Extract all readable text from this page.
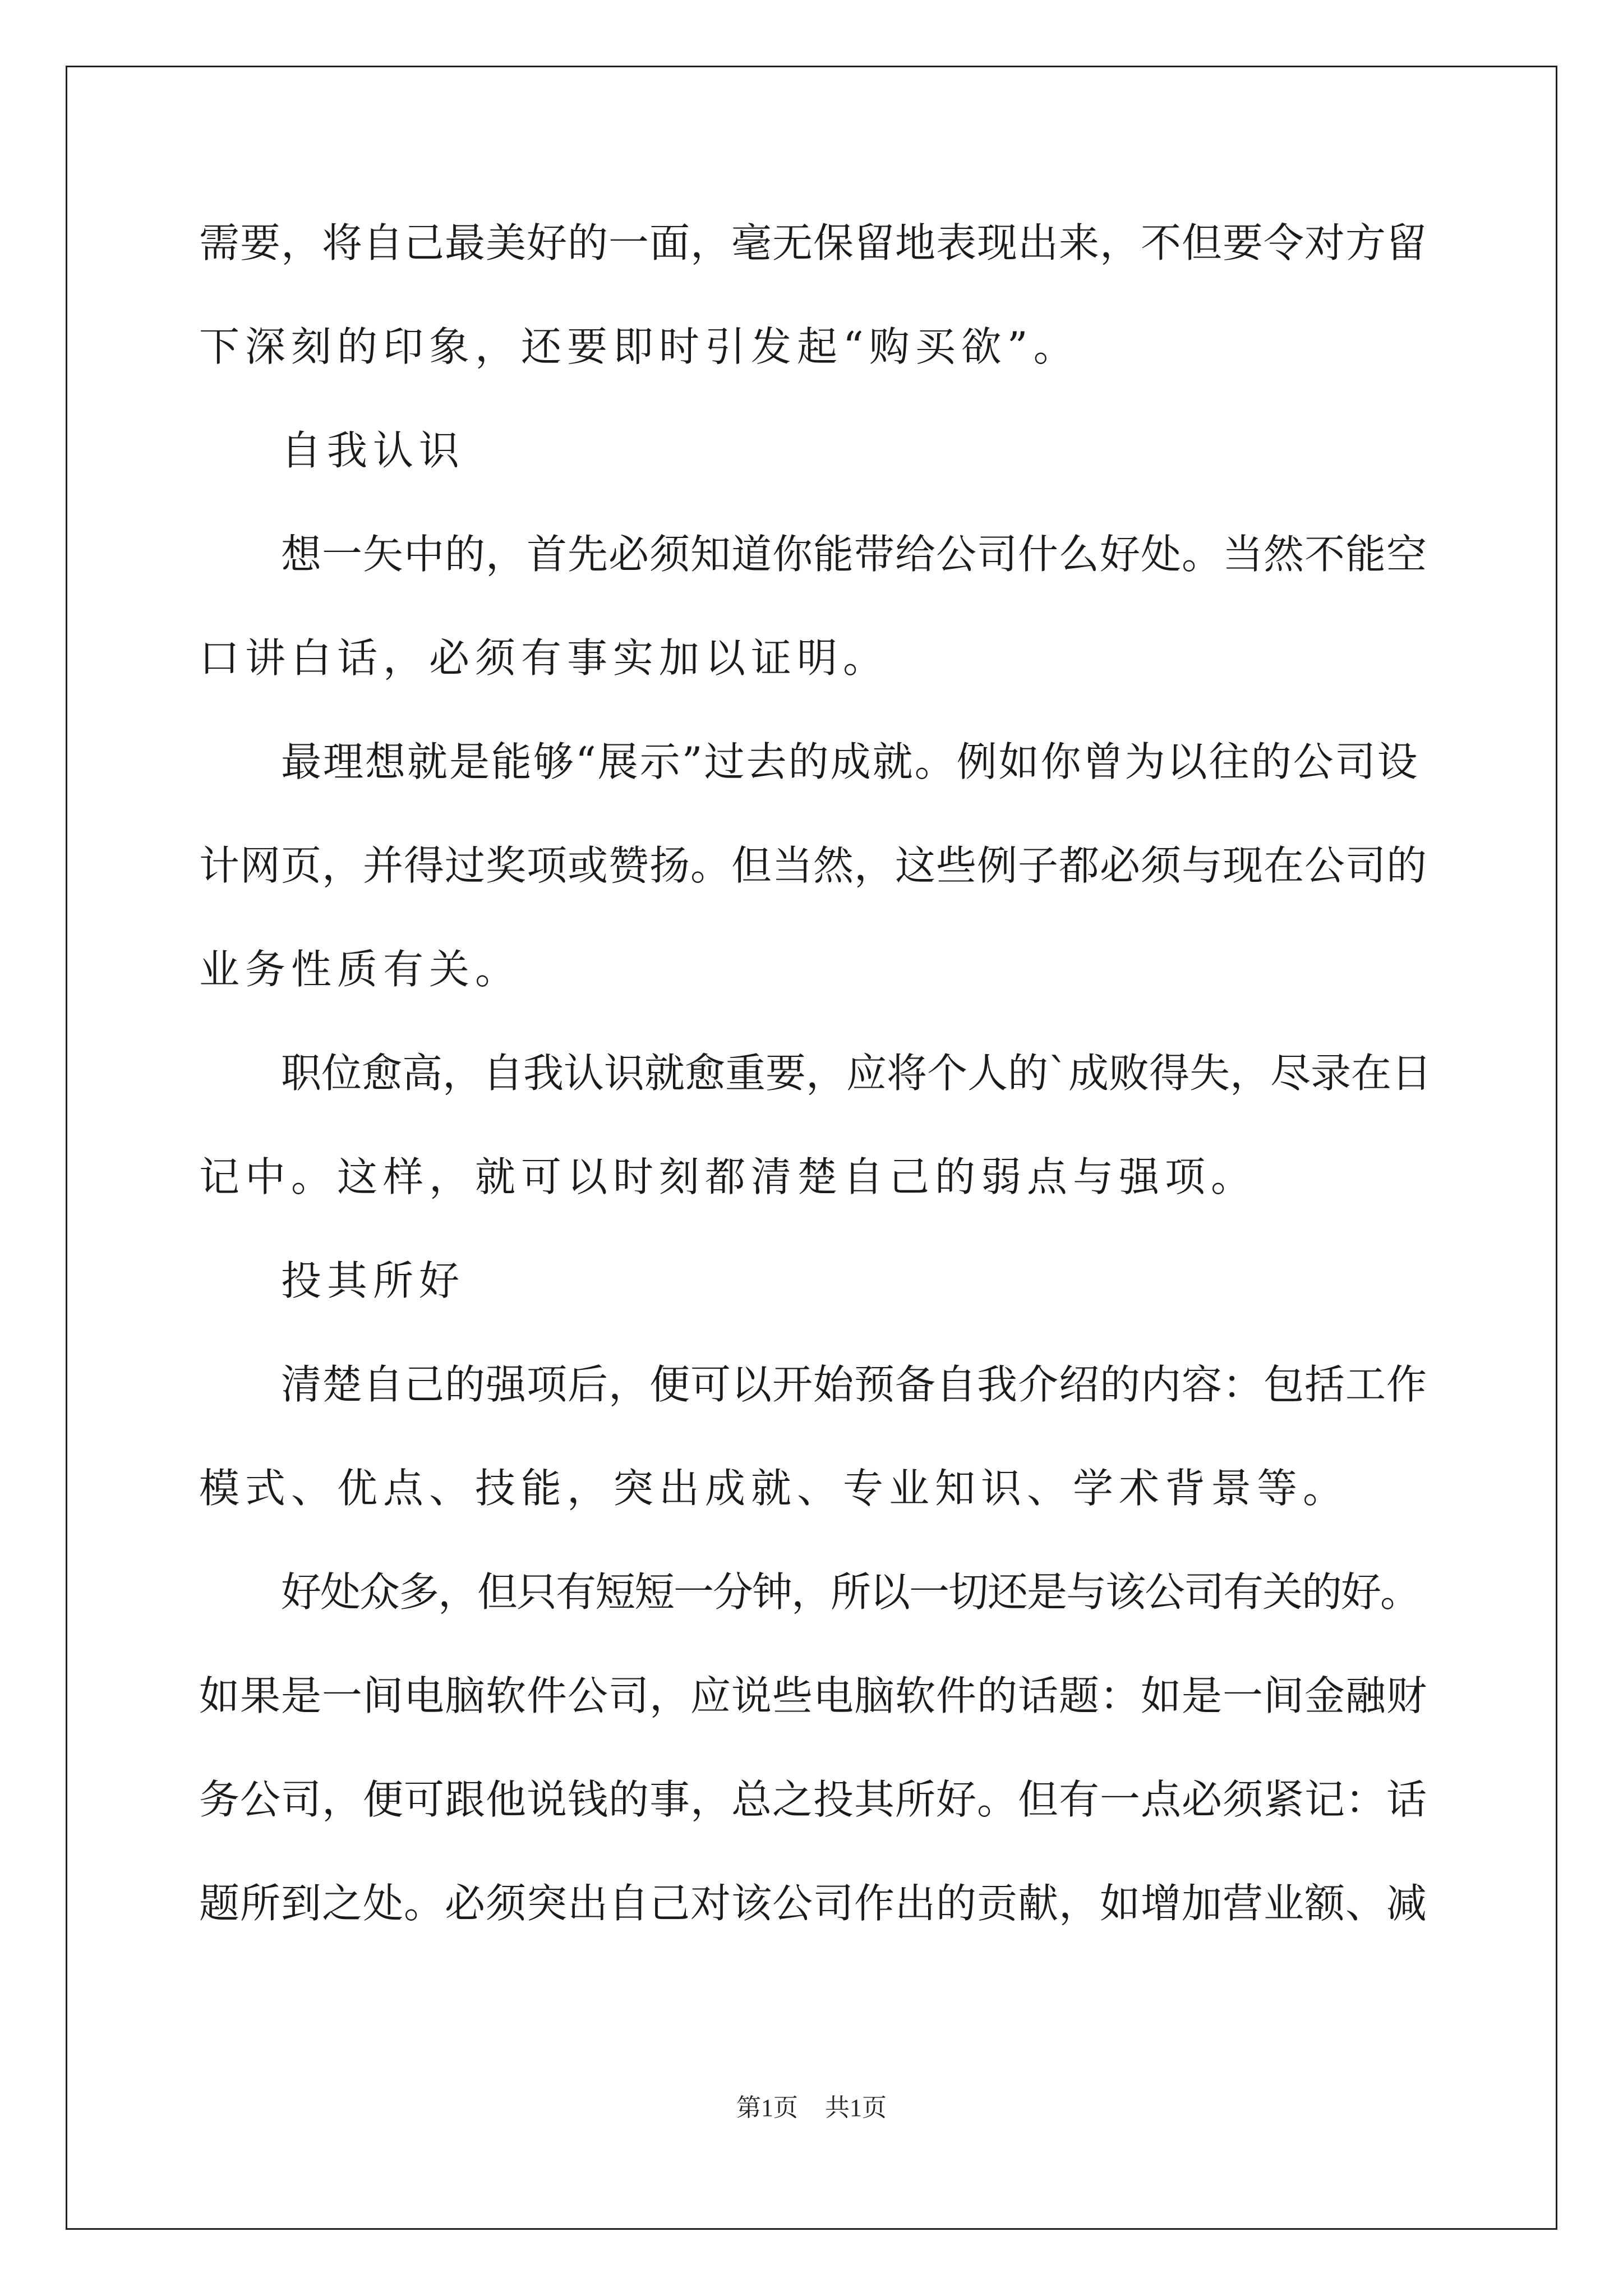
需要，将自己最美好的一面，毫无保留地表现出来，不但要令对方留
下深刻的印象，还要即时引发起“购买欲”。
自我认识
想一矢中的，首先必须知道你能带给公司什么好处。当然不能空
口讲白话，必须有事实加以证明。
最理想就是能够“展示”过去的成就。例如你曾为以往的公司设
计网页，并得过奖项或赞扬。但当然，这些例子都必须与现在公司的
业务性质有关。
职位愈高，自我认识就愈重要，应将个人的`成败得失，尽录在日
记中。这样，就可以时刻都清楚自己的弱点与强项。
投其所好
清楚自己的强项后，便可以开始预备自我介绍的内容：包括工作
模式、优点、技能，突出成就、专业知识、学术背景等。
好处众多，但只有短短一分钟，所以一切还是与该公司有关的好。
如果是一间电脑软件公司，应说些电脑软件的话题：如是一间金融财
务公司，便可跟他说钱的事，总之投其所好。但有一点必须紧记：话
题所到之处。必须突出自己对该公司作出的贡献，如增加营业额、减
第1页 共1页
